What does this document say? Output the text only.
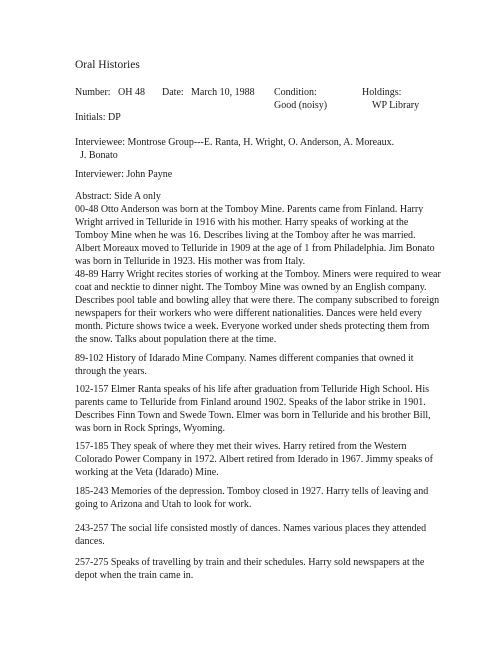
Oral Histories

Number: OH 48 Date: March 10, 1988 Condition:
Good (noisy)
Holdings:
WP Library

Initials: DP

Interviewee: Montrose Group---E. Ranta, H. Wright, O. Anderson, A. Moreaux.

J. Bonato

Interviewer: John Payne

Abstract: Side A only

00-48 Otto Anderson was born at the Tomboy Mine. Parents came from Finland. Harry Wright arrived in Telluride in 1916 with his mother. Harry speaks of working at the Tomboy Mine when he was 16. Describes living at the Tomboy after he was married. Albert Moreaux moved to Telluride in 1909 at the age of 1 from Philadelphia. Jim Bonato was born in Telluride in 1923. His mother was from Italy.

48-89 Harry Wright recites stories of working at the Tomboy. Miners were required to wear coat and necktie to dinner night. The Tomboy Mine was owned by an English company. Describes pool table and bowling alley that were there. The company subscribed to foreign newspapers for their workers who were different nationalities. Dances were held every month. Picture shows twice a week. Everyone worked under sheds protecting them from the snow. Talks about population there at the time.

89-102 History of Idarado Mine Company. Names different companies that owned it through the years.

102-157 Elmer Ranta speaks of his life after graduation from Telluride High School. His parents came to Telluride from Finland around 1902. Speaks of the labor strike in 1901. Describes Finn Town and Swede Town. Elmer was born in Telluride and his brother Bill, was born in Rock Springs, Wyoming.

157-185 They speak of where they met their wives. Harry retired from the Western Colorado Power Company in 1972. Albert retired from Iderado in 1967. Jimmy speaks of working at the Veta (Idarado) Mine.

185-243 Memories of the depression. Tomboy closed in 1927. Harry tells of leaving and going to Arizona and Utah to look for work.

243-257 The social life consisted mostly of dances. Names various places they attended dances.

257-275 Speaks of travelling by train and their schedules. Harry sold newspapers at the depot when the train came in.
